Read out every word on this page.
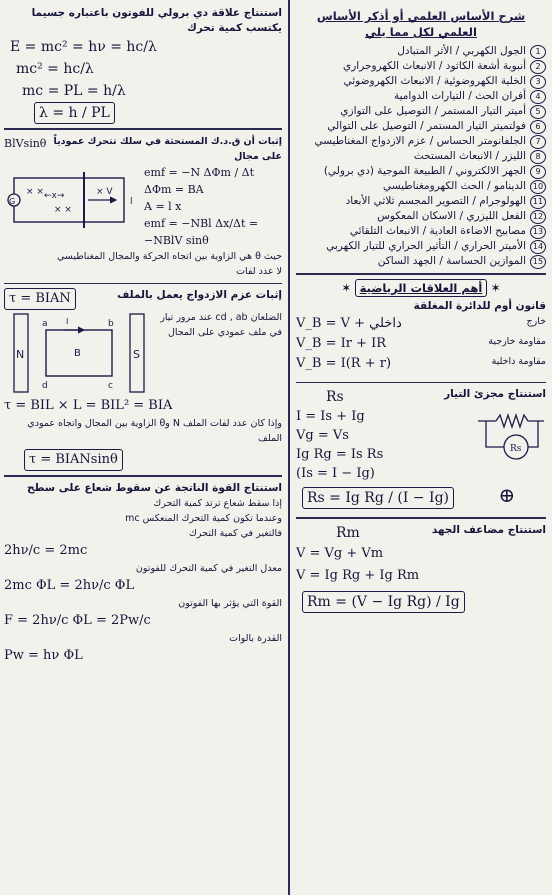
شرح الأساس العلمي أو أذكر الأساس العلمي لكل مما يلي
1
الجول الكهربي / الأثر المتبادل
2
أنبوبة أشعة الكاثود / الانبعاث الكهروحراري
3
الخلية الكهروضوئية / الانبعاث الكهروضوئي
4
أفران الحث / التيارات الدوامية
5
أميتر التيار المستمر / التوصيل على التوازي
6
فولتميتر التيار المستمر / التوصيل على التوالي
7
الجلفانومتر الحساس / عزم الازدواج المغناطيسي
8
الليزر / الانبعاث المستحث
9
الجهر الالكتروني / الطبيعة الموجية (دي برولي)
10
الدينامو / الحث الكهرومغناطيسي
11
الهولوجرام / التصوير المجسم ثلاثي الأبعاد
12
الفعل الليزري / الاسكان المعكوس
13
مصابيح الاضاءة العادية / الانبعاث التلقائي
14
الأميتر الحراري / التأثير الحراري للتيار الكهربي
15
الموازين الحساسة / الجهد الساكن
✶ أهم العلاقات الرياضية ✶
قانون أوم للدائرة المغلقة
خارج
V_B = V + داخلي
مقاومة خارجية
V_B = Ir + IR
مقاومة داخلية
V_B = I(R + r)
استنتاج مجزئ التيار
Rs
I = Is + Ig
Vg = Vs
Ig Rg = Is Rs
(Is = I − Ig)
Rs
Rs = Ig Rg / (I − Ig) ⊕
استنتاج مضاعف الجهد
Rm
V = Vg + Vm
V = Ig Rg + Ig Rm
Rm = (V − Ig Rg) / Ig
استنتاج علاقة دي برولي للفوتون باعتباره جسيما يكتسب كمية تحرك
E = mc² = hν = hc/λ
mc² = hc/λ
mc = PL = h/λ
λ = h / PL
إثبات أن ق.د.ك المستحثة في سلك تتحرك عمودياً على مجال
BlVsinθ
G
× ×
× ×
× V
←x→
l
emf = −N ΔΦm / Δt
ΔΦm = BA
A = l x
emf = −NBl Δx/Δt = −NBlV sinθ
حيث θ هي الزاوية بين اتجاه الحركة والمجال المغناطيسي
لا عدد لفات
τ = BIAN	إثبات عزم الازدواج يعمل بالملف
N	S
a	b
d	c
B
I	الضلعان cd , ab عند مرور تيار في ملف عمودي على المجال
τ = BIL × L = BIL² = BIA
وإذا كان عدد لفات الملف N وθ الزاوية بين المجال واتجاه عمودي الملف
τ = BIANsinθ
استنتاج القوة الناتجة عن سقوط شعاع على سطح
إذا سقط شعاع ترتد كمية التحرك
وعندما تكون كمية التحرك المنعكس mc
فالتغير في كمية التحرك
2hν/c = 2mc
معدل التغير في كمية التحرك للفوتون
2mc ΦL = 2hν/c ΦL
القوة التي يؤثر بها الفوتون
F = 2hν/c ΦL = 2Pw/c
القدرة بالوات
Pw = hν ΦL
